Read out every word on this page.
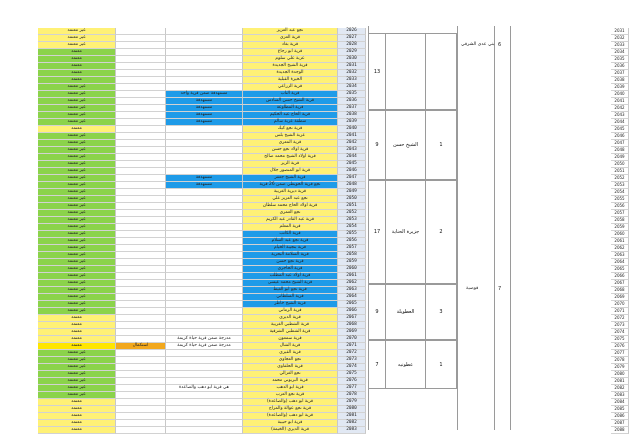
غير معتمد	نجع عبد العزيز	2026	2031
غير معتمد	قرية العزي	2027	2032
غير معتمد	قرية بغاد	2028	2033
معتمد	قرية ابو رجاع	2029	2034
معتمد	عزبة علي سلوم	2030	2035
معتمد	قرية الشيخ الجديدة	2031	2036
معتمد	الوجدة الجديدة	2032	2037
معتمد	الخيرة القبلية	2033	2038
غير معتمد	قرية الزراعي	2034	2039
غير معتمد	مستهدفة ضمن قرية واحد	قرية الناب	2035	2040
غير معتمد	مستهدفة	قرية الشيخ حسن السادس	2036	2041
غير معتمد	مستهدفة	قرية المطاوعة	2037	2042
غير معتمد	مستهدفة	قرية الحاج عبد الحكيم	2038	2043
غير معتمد	مستهدفة	منطقة عزبة سالم	2039	2044
معتمد	قرية نجع كيك	2040	2045
غير معتمد	عزبة الشيخ بلس	2041	2046
غير معتمد	قرية المعري	2042	2047
غير معتمد	قرية اولاد نجع حسن	2043	2048
غير معتمد	قرية اولاد الشيخ محمد صالح	2044	2049
غير معتمد	قرية الزير	2045	2050
غير معتمد	قرية ابو المنصور جلال	2046	2051
غير معتمد	مستهدفة	قرية الشيخ جعفر	2047	2052
غير معتمد	مستهدفة	نجع قرية الحويطي ضمن 26 قرية	2048	2053
غير معتمد	قرية ديرية الغربية	2049	2054
غير معتمد	نجع عبد العزيز علي	2050	2055
غير معتمد	قرية اولاد الحاج محمد سلطان	2051	2056
غير معتمد	نجع العمري	2052	2057
غير معتمد	قرية عبد القادر عبد الكريم	2053	2058
غير معتمد	قرية المعلم	2054	2059
غير معتمد	قرية الكاتب	2055	2060
غير معتمد	قرية نجع عبد السلام	2056	2061
غير معتمد	قرية بنجيبة الخيام	2057	2062
غير معتمد	قرية السلامة البحرية	2058	2063
غير معتمد	قرية نجع حسن	2059	2064
غير معتمد	قرية الحاجري	2060	2065
غير معتمد	قرية اولاد عبد المطلب	2061	2066
غير معتمد	قرية الشيخ محمد عيسى	2062	2067
غير معتمد	قرية نجع ابو الغيط	2063	2068
غير معتمد	قرية السلطاني	2064	2069
غير معتمد	قرية الشيخ خاطر	2065	2070
غير معتمد	قرية الرماني	2066	2071
معتمد	قرية الديري	2067	2072
معتمد	قرية الشطبي الغربية	2068	2073
معتمد	قرية الشطبي الشرقية	2069	2074
معتمد	مدرجة ضمن قرية حياة كريمة	قرية سمعون	2070	2075
معتمد	استكمال	مدرجة ضمن قرية حياة كريمة	قرية الشال	2071	2076
غير معتمد	قرية القيري	2072	2077
غير معتمد	نجع العجاوي	2073	2078
غير معتمد	قرية الحلفاوي	2074	2079
غير معتمد	نجع الغزالي	2075	2080
غير معتمد	قرية البربوني محمد	2076	2081
غير معتمد	هي قرية ابو دهب والصاعدة	قرية ابو الدهب	2077	2082
غير معتمد	قرية نجع العرب	2078	2083
معتمد	قرية ابو دهب (والصاعدة)	2079	2084
معتمد	قرية نجع عوالة والمراج	2080	2085
معتمد	قرية ابو دهب (والصاعدة)	2081	2086
معتمد	قرية ابو حبيبة	2082	2087
معتمد	قرية الديري (الخيمة)	2083	2088
13
بني عدي الشرقي 6
9	الشيخ حسن	1
17	جزيرة الحناية	2
9	العطويلة	3
قوصية	7
7	عطونيه	1
